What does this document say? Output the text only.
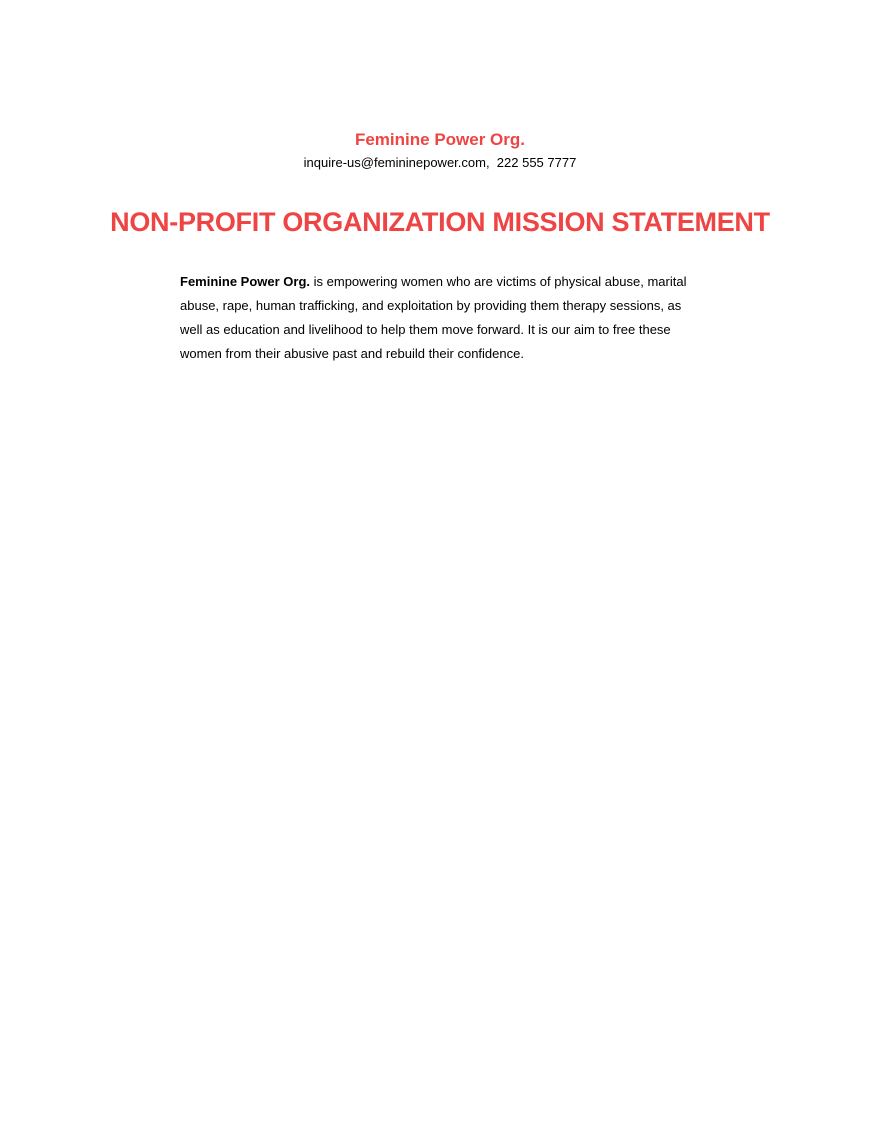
Feminine Power Org.
inquire-us@femininepower.com,  222 555 7777
NON-PROFIT ORGANIZATION MISSION STATEMENT

Feminine Power Org. is empowering women who are victims of physical abuse, marital abuse, rape, human trafficking, and exploitation by providing them therapy sessions, as well as education and livelihood to help them move forward. It is our aim to free these women from their abusive past and rebuild their confidence.
